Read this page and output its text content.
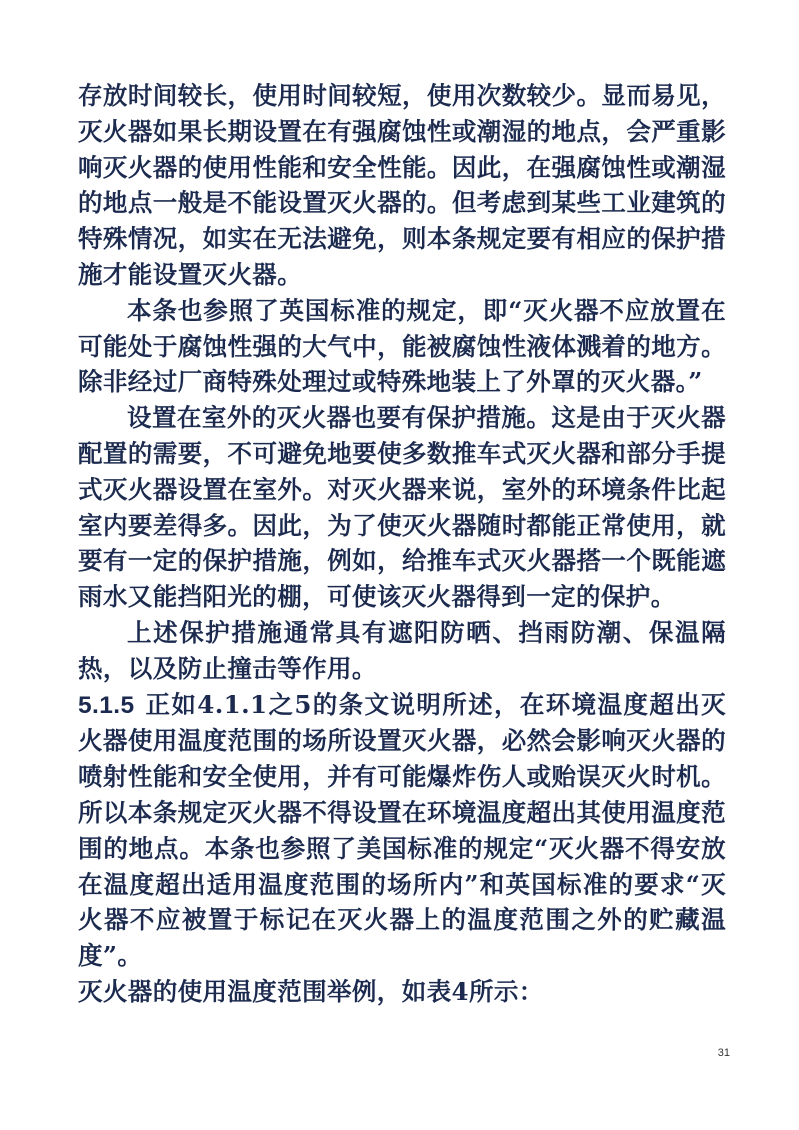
存放时间较长，使用时间较短，使用次数较少。显而易见，灭火器如果长期设置在有强腐蚀性或潮湿的地点，会严重影响灭火器的使用性能和安全性能。因此，在强腐蚀性或潮湿的地点一般是不能设置灭火器的。但考虑到某些工业建筑的特殊情况，如实在无法避免，则本条规定要有相应的保护措施才能设置灭火器。

本条也参照了英国标准的规定，即“灭火器不应放置在可能处于腐蚀性强的大气中，能被腐蚀性液体溅着的地方。除非经过厂商特殊处理过或特殊地装上了外罩的灭火器。”

设置在室外的灭火器也要有保护措施。这是由于灭火器配置的需要，不可避免地要使多数推车式灭火器和部分手提式灭火器设置在室外。对灭火器来说，室外的环境条件比起室内要差得多。因此，为了使灭火器随时都能正常使用，就要有一定的保护措施，例如，给推车式灭火器搭一个既能遮雨水又能挡阳光的棚，可使该灭火器得到一定的保护。

上述保护措施通常具有遮阳防晒、挡雨防潮、保温隔热，以及防止撞击等作用。

5.1.5 正如4.1.1之5的条文说明所述，在环境温度超出灭火器使用温度范围的场所设置灭火器，必然会影响灭火器的喷射性能和安全使用，并有可能爆炸伤人或贻误灭火时机。所以本条规定灭火器不得设置在环境温度超出其使用温度范围的地点。本条也参照了美国标准的规定“灭火器不得安放在温度超出适用温度范围的场所内”和英国标准的要求“灭火器不应被置于标记在灭火器上的温度范围之外的贮藏温度”。

灭火器的使用温度范围举例，如表4所示：

31
